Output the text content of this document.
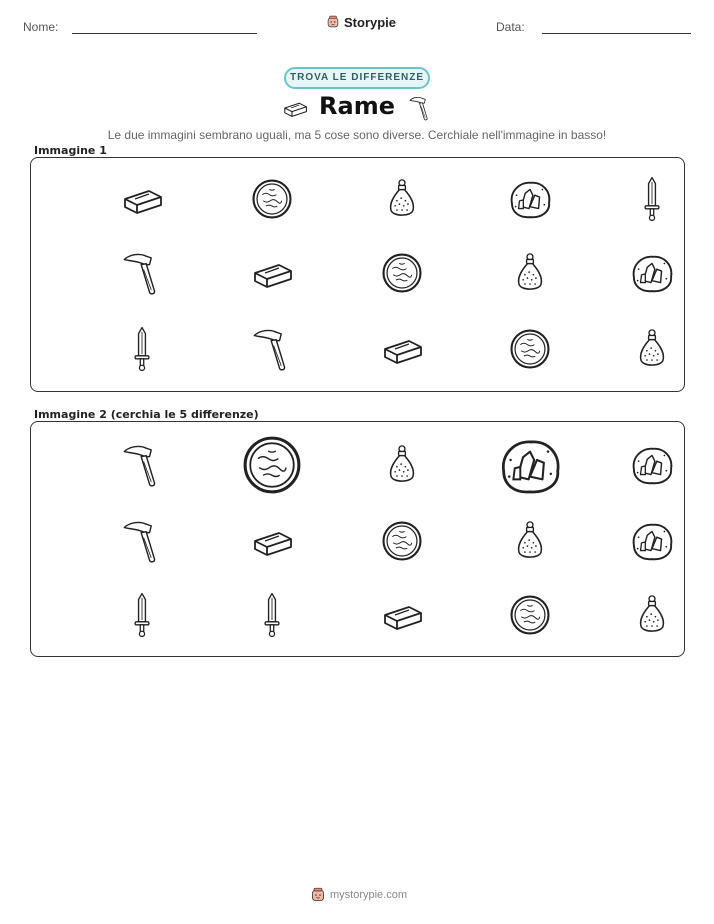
Nome:	Storypie	Data:
TROVA LE DIFFERENZE
Rame
Le due immagini sembrano uguali, ma 5 cose sono diverse. Cerchiale nell'immagine in basso!
Immagine 1
Immagine 2 (cerchia le 5 differenze)
mystorypie.com
